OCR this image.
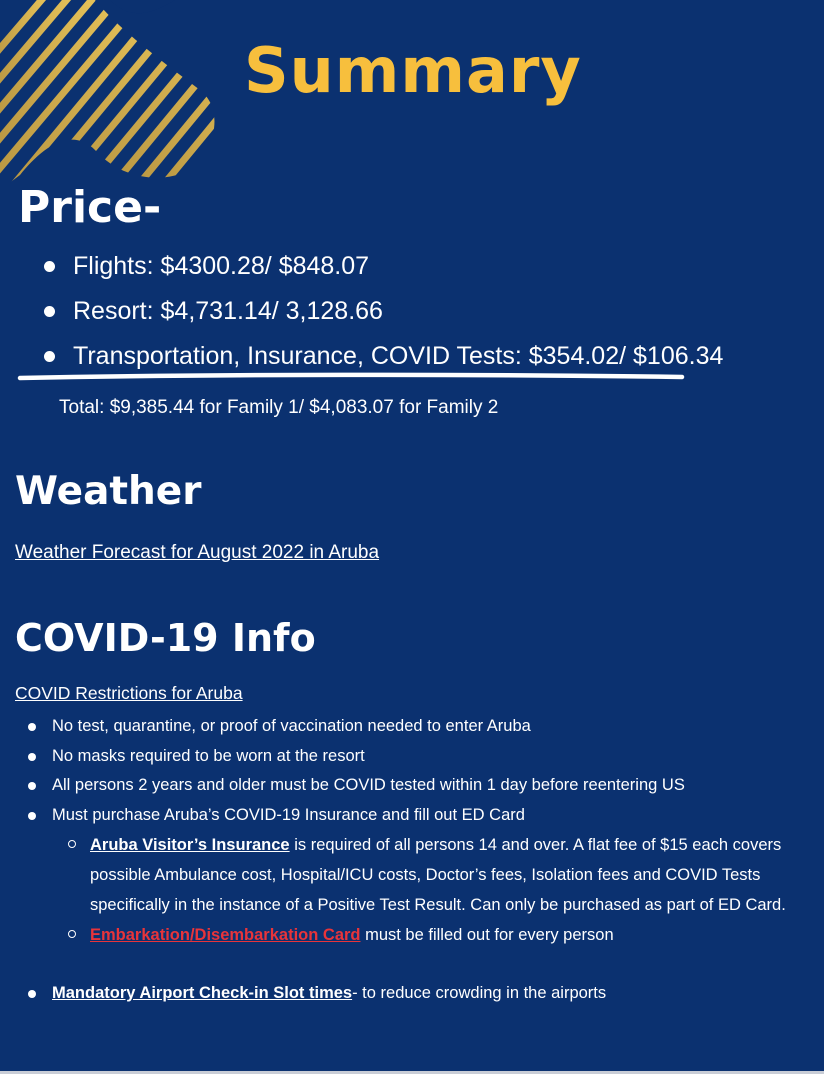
Summary
Price-
Flights: $4300.28/ $848.07
Resort: $4,731.14/ 3,128.66
Transportation, Insurance, COVID Tests: $354.02/ $106.34

Total: $9,385.44 for Family 1/ $4,083.07 for Family 2

Weather
Weather Forecast for August 2022 in Aruba
COVID-19 Info
COVID Restrictions for Aruba
No test, quarantine, or proof of vaccination needed to enter Aruba
No masks required to be worn at the resort
All persons 2 years and older must be COVID tested within 1 day before reentering US
Must purchase Aruba’s COVID-19 Insurance and fill out ED Card
Aruba Visitor’s Insurance is required of all persons 14 and over. A flat fee of $15 each covers possible Ambulance cost, Hospital/ICU costs, Doctor’s fees, Isolation fees and COVID Tests specifically in the instance of a Positive Test Result. Can only be purchased as part of ED Card.
Embarkation/Disembarkation Card must be filled out for every person
Mandatory Airport Check-in Slot times- to reduce crowding in the airports
